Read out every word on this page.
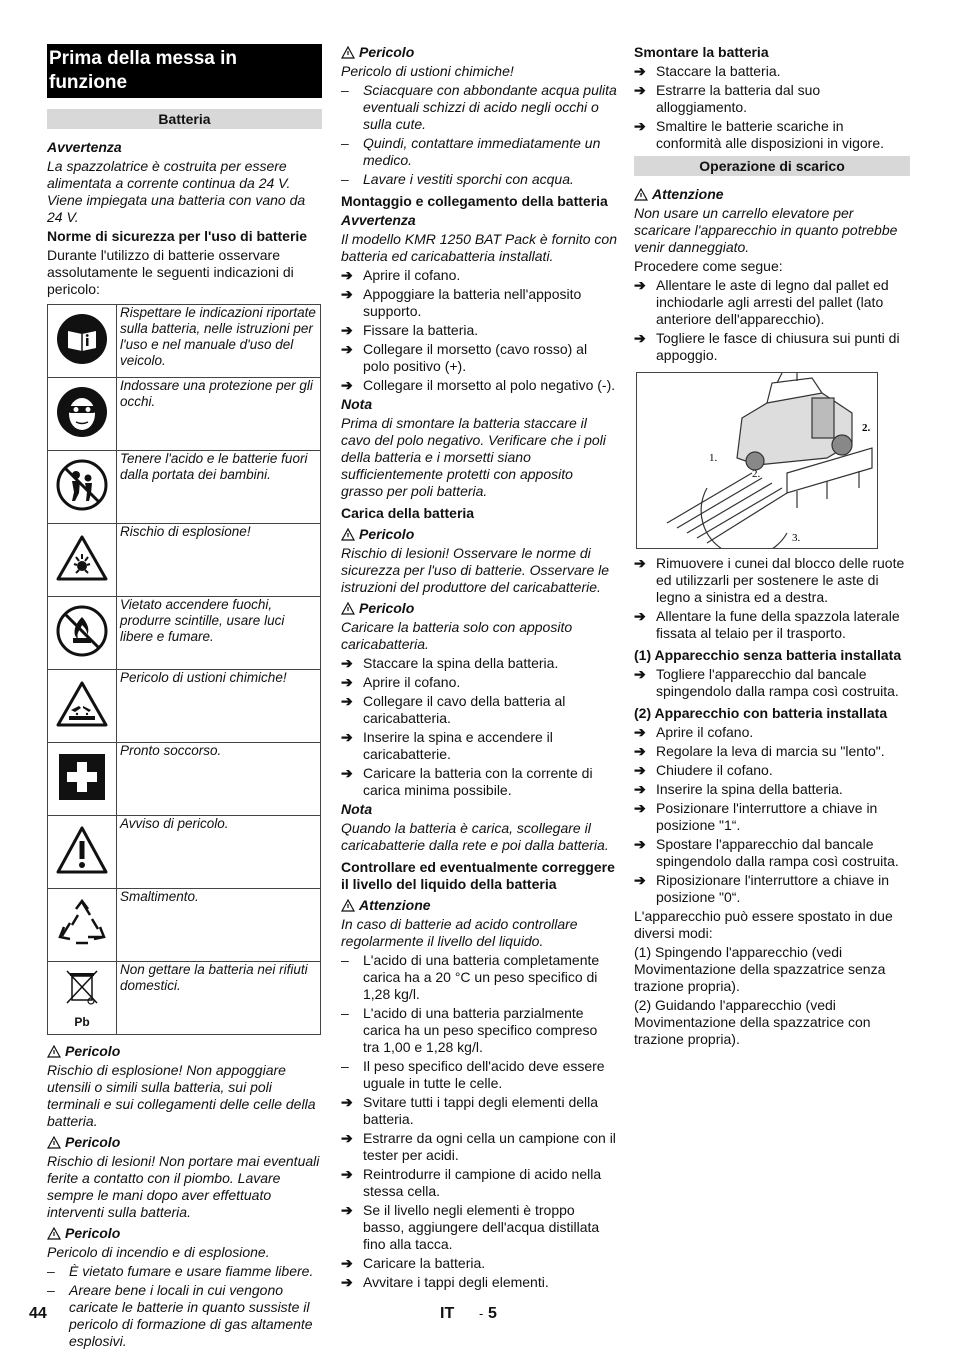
Prima della messa in funzione
Batteria
Avvertenza
La spazzolatrice è costruita per essere alimentata a corrente continua da 24 V. Viene impiegata una batteria con vano da 24 V.
Norme di sicurezza per l'uso di batterie
Durante l'utilizzo di batterie osservare assolutamente le seguenti indicazioni di pericolo:
	Rispettare le indicazioni riportate sulla batteria, nelle istruzioni per l'uso e nel manuale d'uso del veicolo.
	Indossare una protezione per gli occhi.
	Tenere l'acido e le batterie fuori dalla portata dei bambini.
	Rischio di esplosione!
	Vietato accendere fuochi, produrre scintille, usare luci libere e fumare.
	Pericolo di ustioni chimiche!
	Pronto soccorso.
	Avviso di pericolo.
	Smaltimento.

Pb	Non gettare la batteria nei rifiuti domestici.
Pericolo
Rischio di esplosione! Non appoggiare utensili o simili sulla batteria, sui poli terminali e sui collegamenti delle celle della batteria.
Pericolo
Rischio di lesioni! Non portare mai eventuali ferite a contatto con il piombo. Lavare sempre le mani dopo aver effettuato interventi sulla batteria.
Pericolo
Pericolo di incendio e di esplosione.
–	È vietato fumare e usare fiamme libere.
–	Areare bene i locali in cui vengono caricate le batterie in quanto sussiste il pericolo di formazione di gas altamente esplosivi.
Pericolo
Pericolo di ustioni chimiche!
–	Sciacquare con abbondante acqua pulita eventuali schizzi di acido negli occhi o sulla cute.
–	Quindi, contattare immediatamente un medico.
–	Lavare i vestiti sporchi con acqua.
Montaggio e collegamento della batteria
Avvertenza
Il modello KMR 1250 BAT Pack è fornito con batteria ed caricabatteria installati.
➔ Aprire il cofano.
➔ Appoggiare la batteria nell'apposito supporto.
➔ Fissare la batteria.
➔ Collegare il morsetto (cavo rosso) al polo positivo (+).
➔ Collegare il morsetto al polo negativo (-).
Nota
Prima di smontare la batteria staccare il cavo del polo negativo. Verificare che i poli della batteria e i morsetti siano sufficientemente protetti con apposito grasso per poli batteria.
Carica della batteria
Pericolo
Rischio di lesioni! Osservare le norme di sicurezza per l'uso di batterie. Osservare le istruzioni del produttore del caricabatterie.
Pericolo
Caricare la batteria solo con apposito caricabatteria.
➔ Staccare la spina della batteria.
➔ Aprire il cofano.
➔ Collegare il cavo della batteria al caricabatteria.
➔ Inserire la spina e accendere il caricabatterie.
➔ Caricare la batteria con la corrente di carica minima possibile.
Nota
Quando la batteria è carica, scollegare il caricabatterie dalla rete e poi dalla batteria.
Controllare ed eventualmente correggere il livello del liquido della batteria
Attenzione
In caso di batterie ad acido controllare regolarmente il livello del liquido.
–	L'acido di una batteria completamente carica ha a 20 °C un peso specifico di 1,28 kg/l.
–	L'acido di una batteria parzialmente carica ha un peso specifico compreso tra 1,00 e 1,28 kg/l.
–	Il peso specifico dell'acido deve essere uguale in tutte le celle.
➔ Svitare tutti i tappi degli elementi della batteria.
➔ Estrarre da ogni cella un campione con il tester per acidi.
➔ Reintrodurre il campione di acido nella stessa cella.
➔ Se il livello negli elementi è troppo basso, aggiungere dell'acqua distillata fino alla tacca.
➔ Caricare la batteria.
➔ Avvitare i tappi degli elementi.
Smontare la batteria
➔ Staccare la batteria.
➔ Estrarre la batteria dal suo alloggiamento.
➔ Smaltire le batterie scariche in conformità alle disposizioni in vigore.
Operazione di scarico
Attenzione
Non usare un carrello elevatore per scaricare l'apparecchio in quanto potrebbe venir danneggiato.
Procedere come segue:
➔ Allentare le aste di legno dal pallet ed inchiodarle agli arresti del pallet (lato anteriore dell'apparecchio).
➔ Togliere le fasce di chiusura sui punti di appoggio.
1.
2.
3.
2.
➔ Rimuovere i cunei dal blocco delle ruote ed utilizzarli per sostenere le aste di legno a sinistra ed a destra.
➔ Allentare la fune della spazzola laterale fissata al telaio per il trasporto.
(1) Apparecchio senza batteria installata
➔ Togliere l'apparecchio dal bancale spingendolo dalla rampa così costruita.
(2) Apparecchio con batteria installata
➔ Aprire il cofano.
➔ Regolare la leva di marcia su "lento".
➔ Chiudere il cofano.
➔ Inserire la spina della batteria.
➔ Posizionare l'interruttore a chiave in posizione "1“.
➔ Spostare l'apparecchio dal bancale spingendolo dalla rampa così costruita.
➔ Riposizionare l'interruttore a chiave in posizione "0“.
L'apparecchio può essere spostato in due diversi modi:
(1) Spingendo l'apparecchio (vedi Movimentazione della spazzatrice senza trazione propria).
(2) Guidando l'apparecchio (vedi Movimentazione della spazzatrice con trazione propria).
44	IT - 5
